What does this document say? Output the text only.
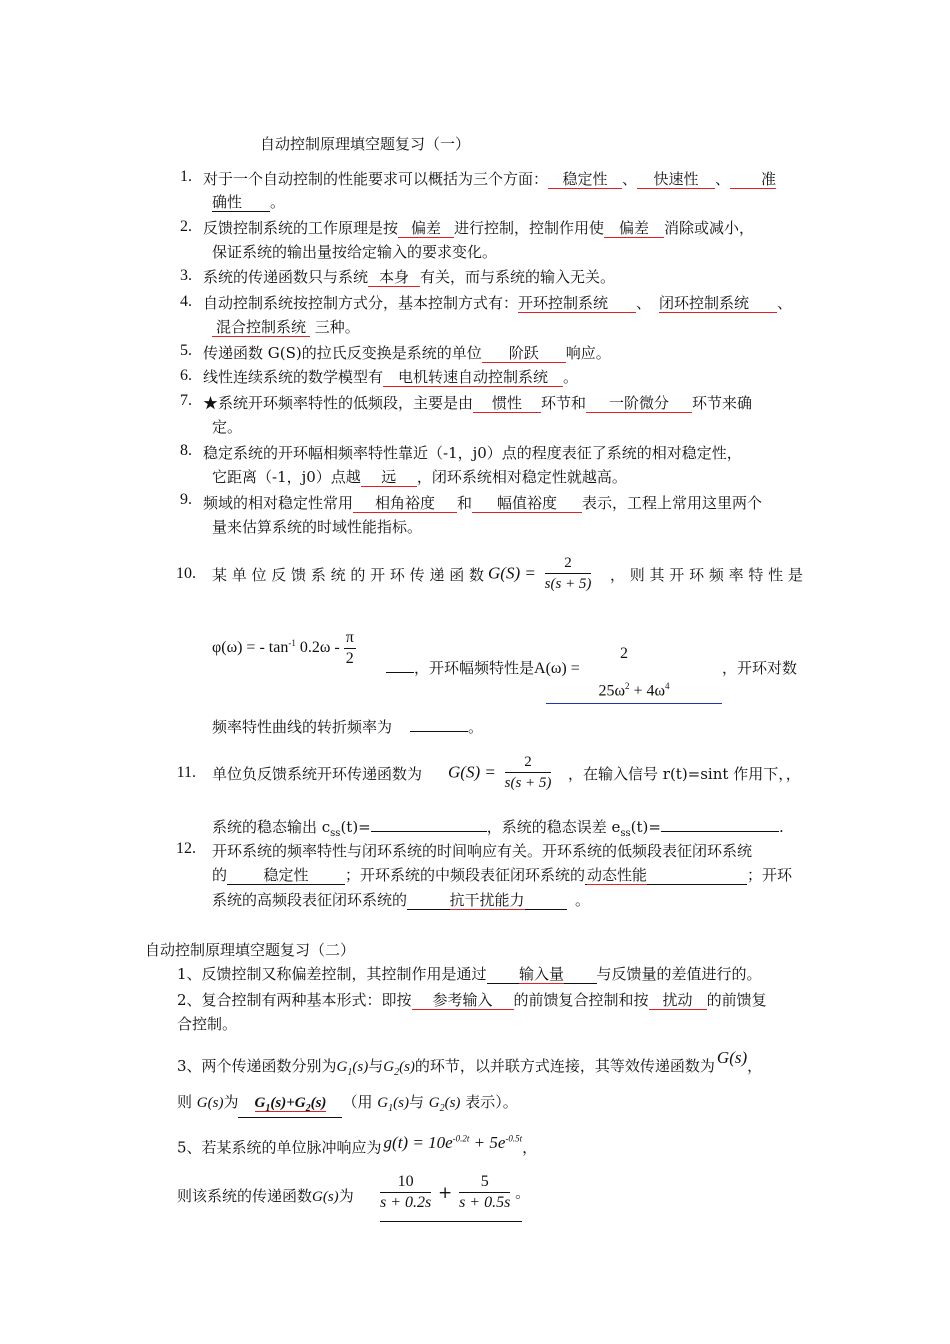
自动控制原理填空题复习（一）
1. 对于一个自动控制的性能要求可以概括为三个方面： 稳定性 、 快速性 、 准
确性 。
2. 反馈控制系统的工作原理是按 偏差 进行控制，控制作用使 偏差 消除或减小，
保证系统的输出量按给定输入的要求变化。
3. 系统的传递函数只与系统 本身 有关，而与系统的输入无关。
4. 自动控制系统按控制方式分，基本控制方式有：开环控制系统 、 闭环控制系统 、
混合控制系统 三种。
5. 传递函数 G(S)的拉氏反变换是系统的单位 阶跃 响应。
6. 线性连续系统的数学模型有 电机转速自动控制系统 。
7. ★系统开环频率特性的低频段，主要是由 惯性 环节和 一阶微分 环节来确
定。
8. 稳定系统的开环幅相频率特性靠近（-1，j0）点的程度表征了系统的相对稳定性，
它距离（-1，j0）点越 远 ，闭环系统相对稳定性就越高。
9. 频域的相对稳定性常用 相角裕度 和 幅值裕度 表示，工程上常用这里两个
量来估算系统的时域性能指标。
10. 某 单 位 反 馈 系 统 的 开 环 传 递 函 数 $G(S) = \frac{2}{s(s + 5)}$ ， 则 其 开 环 频 率 特 性 是
φ(ω) = - $\tan^{-1} 0.2\omega - \frac{\pi}{2}$	，开环幅频特性是A(ω) =
2
$25\omega^2 + 4\omega^4$
，开环对数
频率特性曲线的转折频率为	。
11. 单位负反馈系统开环传递函数为 $G(S) = \frac{2}{s(s + 5)}$ ，在输入信号 r(t)=sint 作用下，，
系统的稳态输出 $c_{ss}(t)=$	，系统的稳态误差 $e_{ss}(t)=$	.
12. 开环系统的频率特性与闭环系统的时间响应有关。开环系统的低频段表征闭环系统
的 稳定性 ；开环系统的中频段表征闭环系统的 动态性能	；开环
系统的高频段表征闭环系统的	抗干扰能力	。
自动控制原理填空题复习（二）
1、反馈控制又称偏差控制，其控制作用是通过 输入量 与反馈量的差值进行的。
2、复合控制有两种基本形式：即按 参考输入 的前馈复合控制和按 扰动 的前馈复
合控制。
3、两个传递函数分别为$G_1(s)$与$G_2(s)$的环节，以并联方式连接，其等效传递函数为 G(s)，
则 G(s)为 $G_1(s)+G_2(s)$ （用 $G_1(s)$与 $G_2(s)$ 表示）。
5、若某系统的单位脉冲响应为 $g(t) = 10e^{-0.2t} + 5e^{-0.5t}$，
则该系统的传递函数G(s)为 $\frac{10}{s + 0.2s} + \frac{5}{s + 0.5s}$ 。
